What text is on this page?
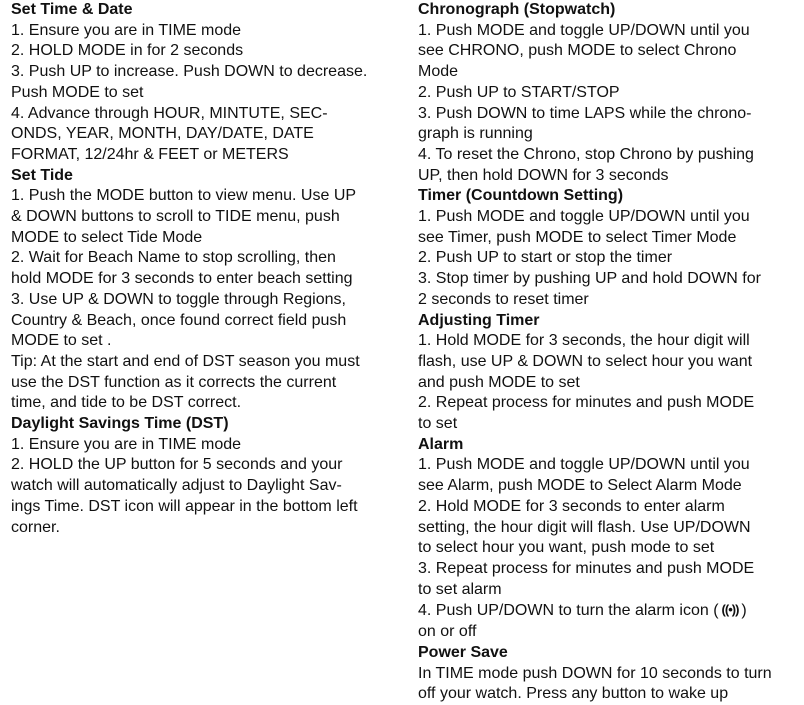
Set Time & Date
1. Ensure you are in TIME mode
2. HOLD MODE in for 2 seconds
3. Push UP to increase. Push DOWN to decrease.
Push MODE to set
4. Advance through HOUR, MINTUTE, SEC-
ONDS, YEAR, MONTH, DAY/DATE, DATE
FORMAT, 12/24hr & FEET or METERS
Set Tide
1. Push the MODE button to view menu. Use UP
& DOWN buttons to scroll to TIDE menu, push
MODE to select Tide Mode
2. Wait for Beach Name to stop scrolling, then
hold MODE for 3 seconds to enter beach setting
3. Use UP & DOWN to toggle through Regions,
Country & Beach, once found correct field push
MODE to set .
Tip: At the start and end of DST season you must
use the DST function as it corrects the current
time, and tide to be DST correct.
Daylight Savings Time (DST)
1. Ensure you are in TIME mode
2. HOLD the UP button for 5 seconds and your
watch will automatically adjust to Daylight Sav-
ings Time. DST icon will appear in the bottom left
corner.
Chronograph (Stopwatch)
1. Push MODE and toggle UP/DOWN until you
see CHRONO, push MODE to select Chrono
Mode
2. Push UP to START/STOP
3. Push DOWN to time LAPS while the chrono-
graph is running
4. To reset the Chrono, stop Chrono by pushing
UP, then hold DOWN for 3 seconds
Timer (Countdown Setting)
1. Push MODE and toggle UP/DOWN until you
see Timer, push MODE to select Timer Mode
2. Push UP to start or stop the timer
3. Stop timer by pushing UP and hold DOWN for
2 seconds to reset timer
Adjusting Timer
1. Hold MODE for 3 seconds, the hour digit will
flash, use UP & DOWN to select hour you want
and push MODE to set
2. Repeat process for minutes and push MODE
to set
Alarm
1. Push MODE and toggle UP/DOWN until you
see Alarm, push MODE to Select Alarm Mode
2. Hold MODE for 3 seconds to enter alarm
setting, the hour digit will flash. Use UP/DOWN
to select hour you want, push mode to set
3. Repeat process for minutes and push MODE
to set alarm
4. Push UP/DOWN to turn the alarm icon ( ((•)) )
on or off
Power Save
In TIME mode push DOWN for 10 seconds to turn
off your watch. Press any button to wake up
